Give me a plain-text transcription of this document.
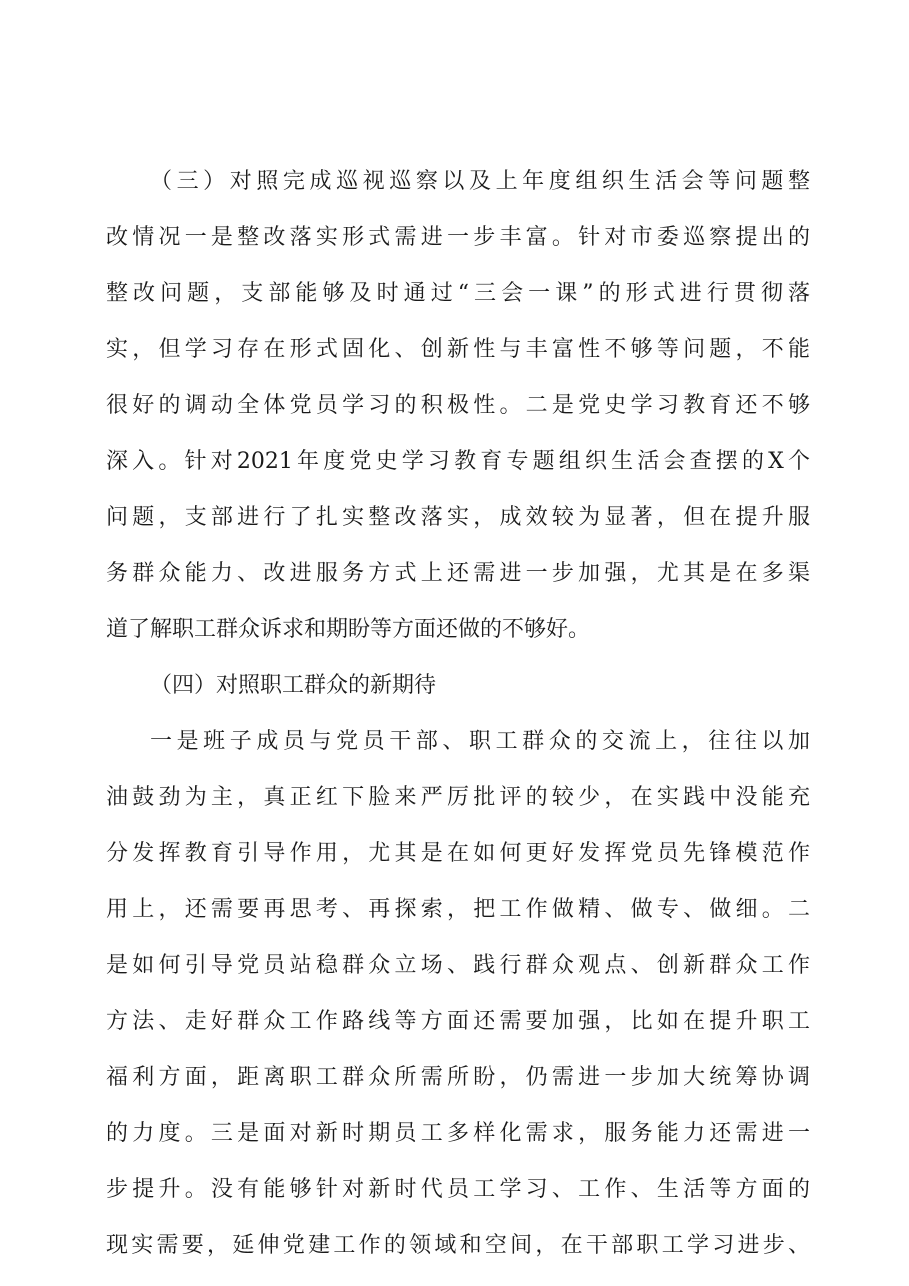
（三）对照完成巡视巡察以及上年度组织生活会等问题整
改情况一是整改落实形式需进一步丰富。针对市委巡察提出的
整改问题，支部能够及时通过“三会一课”的形式进行贯彻落
实，但学习存在形式固化、创新性与丰富性不够等问题，不能
很好的调动全体党员学习的积极性。二是党史学习教育还不够
深入。针对2021年度党史学习教育专题组织生活会查摆的X个
问题，支部进行了扎实整改落实，成效较为显著，但在提升服
务群众能力、改进服务方式上还需进一步加强，尤其是在多渠
道了解职工群众诉求和期盼等方面还做的不够好。
（四）对照职工群众的新期待
一是班子成员与党员干部、职工群众的交流上，往往以加
油鼓劲为主，真正红下脸来严厉批评的较少，在实践中没能充
分发挥教育引导作用，尤其是在如何更好发挥党员先锋模范作
用上，还需要再思考、再探索，把工作做精、做专、做细。二
是如何引导党员站稳群众立场、践行群众观点、创新群众工作
方法、走好群众工作路线等方面还需要加强，比如在提升职工
福利方面，距离职工群众所需所盼，仍需进一步加大统筹协调
的力度。三是面对新时期员工多样化需求，服务能力还需进一
步提升。没有能够针对新时代员工学习、工作、生活等方面的
现实需要，延伸党建工作的领域和空间，在干部职工学习进步、
